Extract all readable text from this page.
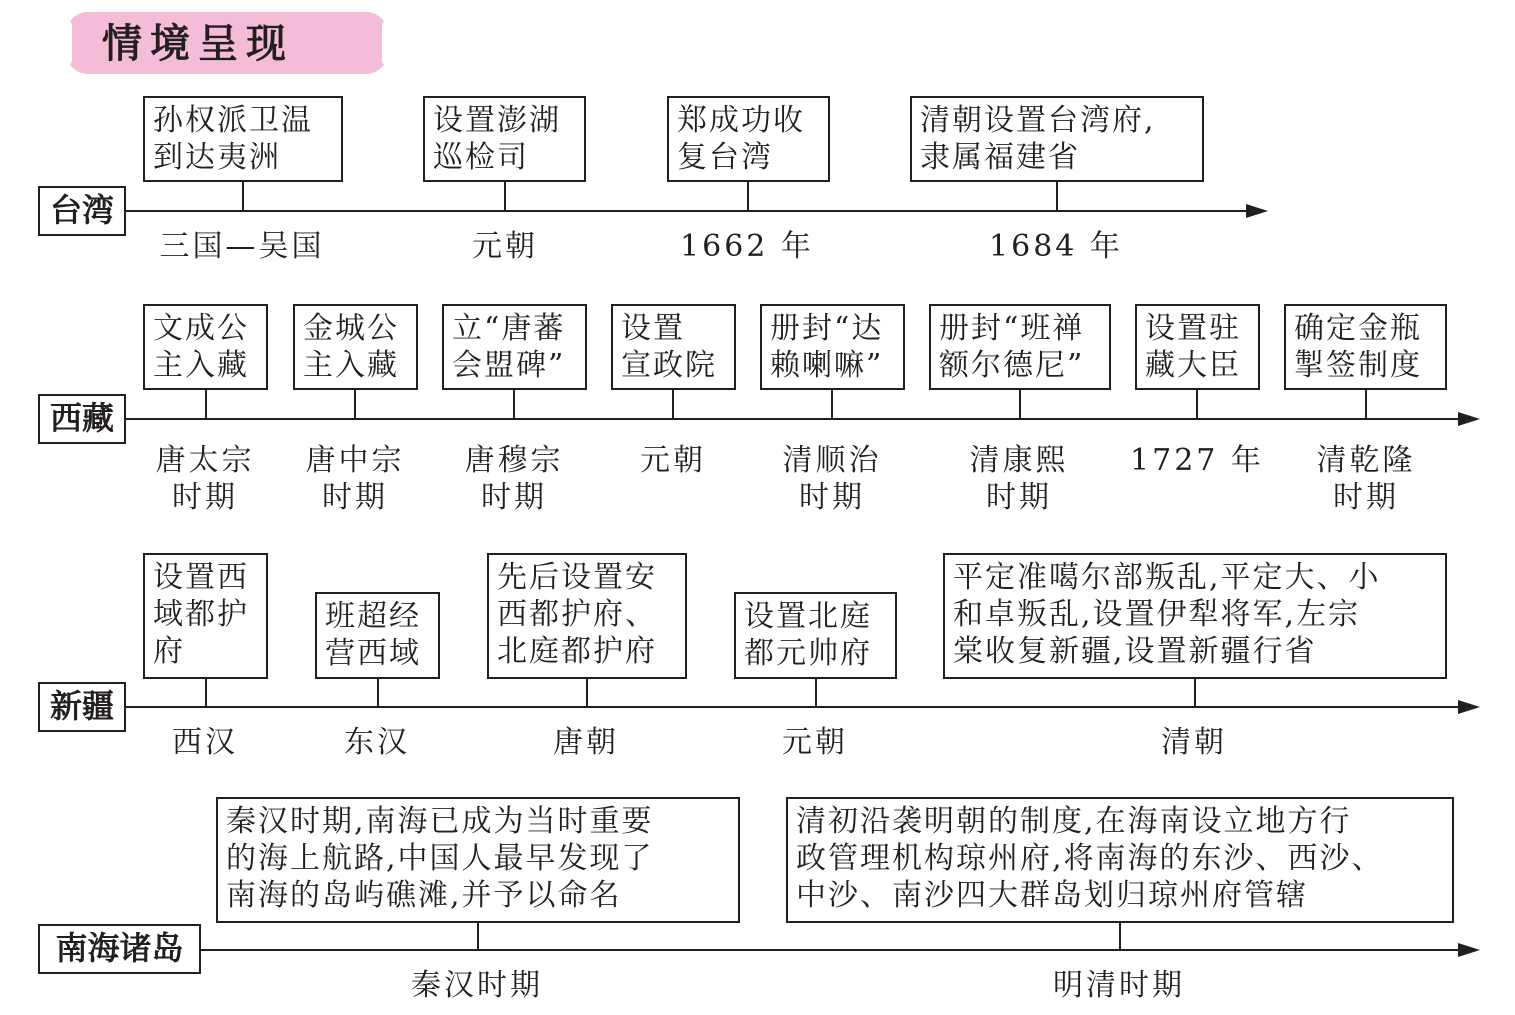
情境呈现
台湾
孙权派卫温
到达夷洲
三国—吴国
设置澎湖
巡检司
元朝
郑成功收
复台湾
1662 年
清朝设置台湾府,
隶属福建省
1684 年
西藏
文成公
主入藏
唐太宗
时期
金城公
主入藏
唐中宗
时期
立“唐蕃
会盟碑”
唐穆宗
时期
设置
宣政院
元朝
册封“达
赖喇嘛”
清顺治
时期
册封“班禅
额尔德尼”
清康熙
时期
设置驻
藏大臣
1727 年
确定金瓶
掣签制度
清乾隆
时期
新疆
设置西
域都护
府
西汉
班超经
营西域
东汉
先后设置安
西都护府、
北庭都护府
唐朝
设置北庭
都元帅府
元朝
平定准噶尔部叛乱,平定大、小
和卓叛乱,设置伊犁将军,左宗
棠收复新疆,设置新疆行省
清朝
南海诸岛
秦汉时期,南海已成为当时重要
的海上航路,中国人最早发现了
南海的岛屿礁滩,并予以命名
秦汉时期
清初沿袭明朝的制度,在海南设立地方行
政管理机构琼州府,将南海的东沙、西沙、
中沙、南沙四大群岛划归琼州府管辖
明清时期
